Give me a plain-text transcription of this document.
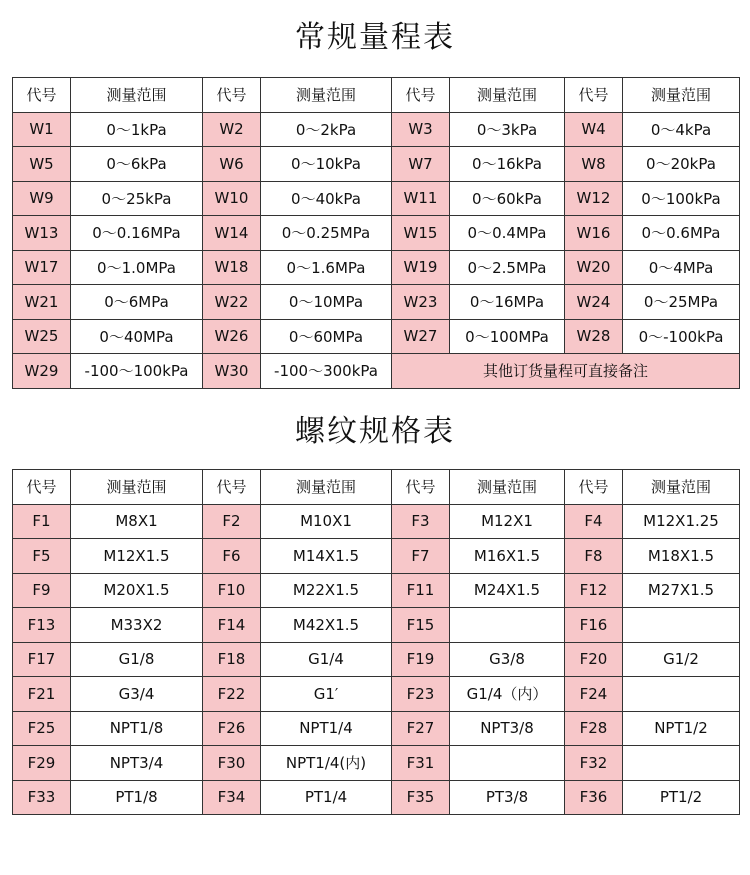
常规量程表
代号	测量范围	代号	测量范围	代号	测量范围	代号	测量范围
W1	0～1kPa	W2	0～2kPa	W3	0～3kPa	W4	0～4kPa
W5	0～6kPa	W6	0～10kPa	W7	0～16kPa	W8	0～20kPa
W9	0～25kPa	W10	0～40kPa	W11	0～60kPa	W12	0～100kPa
W13	0～0.16MPa	W14	0～0.25MPa	W15	0～0.4MPa	W16	0～0.6MPa
W17	0～1.0MPa	W18	0～1.6MPa	W19	0～2.5MPa	W20	0～4MPa
W21	0～6MPa	W22	0～10MPa	W23	0～16MPa	W24	0～25MPa
W25	0～40MPa	W26	0～60MPa	W27	0～100MPa	W28	0～-100kPa
W29	-100～100kPa	W30	-100～300kPa	其他订货量程可直接备注			
螺纹规格表
代号	测量范围	代号	测量范围	代号	测量范围	代号	测量范围
F1	M8X1	F2	M10X1	F3	M12X1	F4	M12X1.25
F5	M12X1.5	F6	M14X1.5	F7	M16X1.5	F8	M18X1.5
F9	M20X1.5	F10	M22X1.5	F11	M24X1.5	F12	M27X1.5
F13	M33X2	F14	M42X1.5	F15		F16	
F17	G1/8	F18	G1/4	F19	G3/8	F20	G1/2
F21	G3/4	F22	G1′	F23	G1/4（内）	F24	
F25	NPT1/8	F26	NPT1/4	F27	NPT3/8	F28	NPT1/2
F29	NPT3/4	F30	NPT1/4(内)	F31		F32	
F33	PT1/8	F34	PT1/4	F35	PT3/8	F36	PT1/2
